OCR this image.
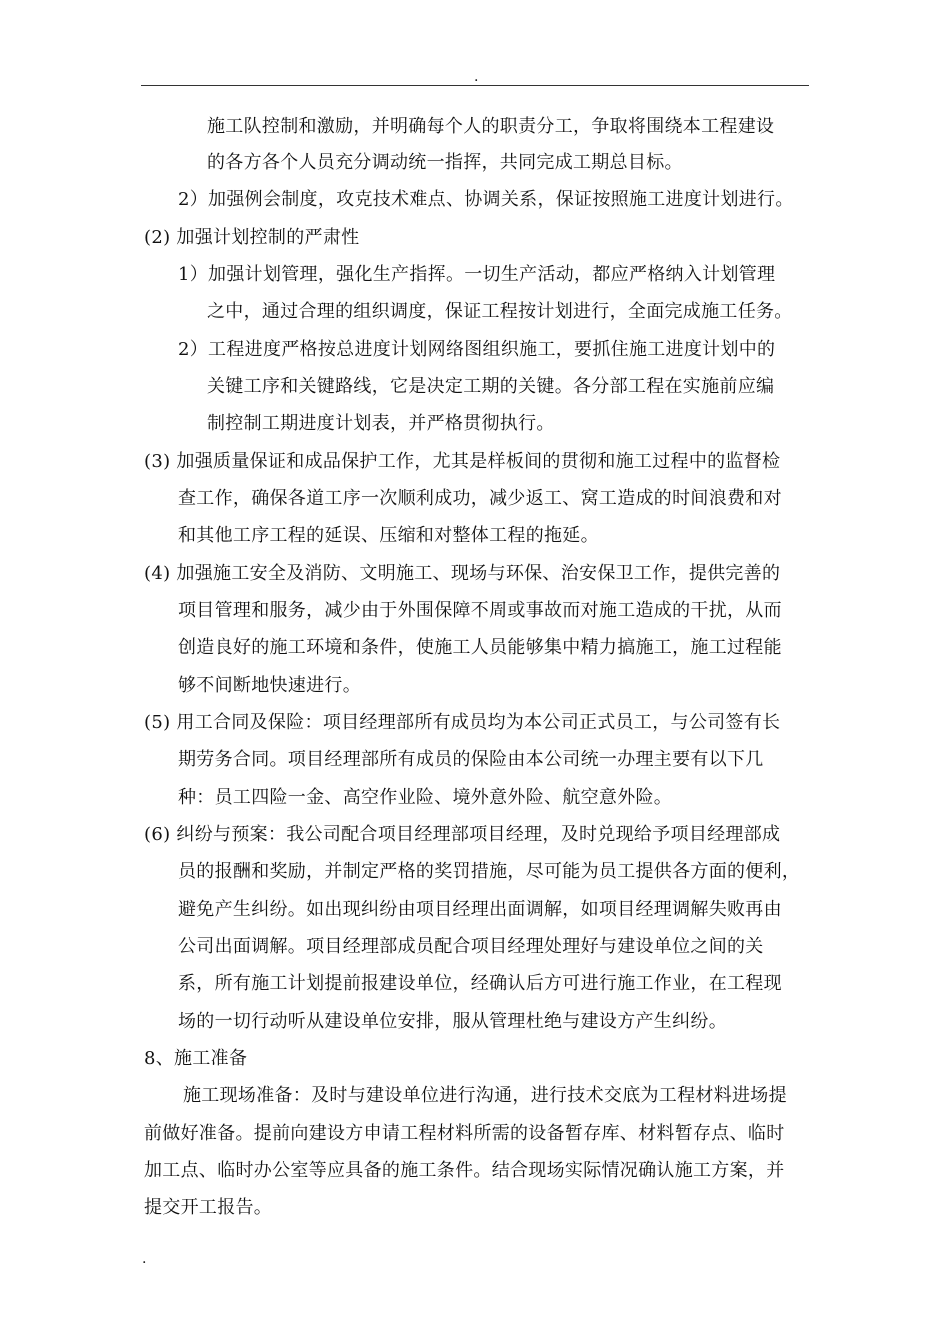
.
施工队控制和激励，并明确每个人的职责分工，争取将围绕本工程建设
的各方各个人员充分调动统一指挥，共同完成工期总目标。
2）加强例会制度，攻克技术难点、协调关系，保证按照施工进度计划进行。
(2) 加强计划控制的严肃性
1）加强计划管理，强化生产指挥。一切生产活动，都应严格纳入计划管理
之中，通过合理的组织调度，保证工程按计划进行，全面完成施工任务。
2）工程进度严格按总进度计划网络图组织施工，要抓住施工进度计划中的
关键工序和关键路线，它是决定工期的关键。各分部工程在实施前应编
制控制工期进度计划表，并严格贯彻执行。
(3) 加强质量保证和成品保护工作，尤其是样板间的贯彻和施工过程中的监督检
查工作，确保各道工序一次顺利成功，减少返工、窝工造成的时间浪费和对
和其他工序工程的延误、压缩和对整体工程的拖延。
(4) 加强施工安全及消防、文明施工、现场与环保、治安保卫工作，提供完善的
项目管理和服务，减少由于外围保障不周或事故而对施工造成的干扰，从而
创造良好的施工环境和条件，使施工人员能够集中精力搞施工，施工过程能
够不间断地快速进行。
(5) 用工合同及保险：项目经理部所有成员均为本公司正式员工，与公司签有长
期劳务合同。项目经理部所有成员的保险由本公司统一办理主要有以下几
种：员工四险一金、高空作业险、境外意外险、航空意外险。
(6) 纠纷与预案：我公司配合项目经理部项目经理，及时兑现给予项目经理部成
员的报酬和奖励，并制定严格的奖罚措施，尽可能为员工提供各方面的便利，
避免产生纠纷。如出现纠纷由项目经理出面调解，如项目经理调解失败再由
公司出面调解。项目经理部成员配合项目经理处理好与建设单位之间的关
系，所有施工计划提前报建设单位，经确认后方可进行施工作业，在工程现
场的一切行动听从建设单位安排，服从管理杜绝与建设方产生纠纷。
8、施工准备
施工现场准备：及时与建设单位进行沟通，进行技术交底为工程材料进场提
前做好准备。提前向建设方申请工程材料所需的设备暂存库、材料暂存点、临时
加工点、临时办公室等应具备的施工条件。结合现场实际情况确认施工方案，并
提交开工报告。
.
